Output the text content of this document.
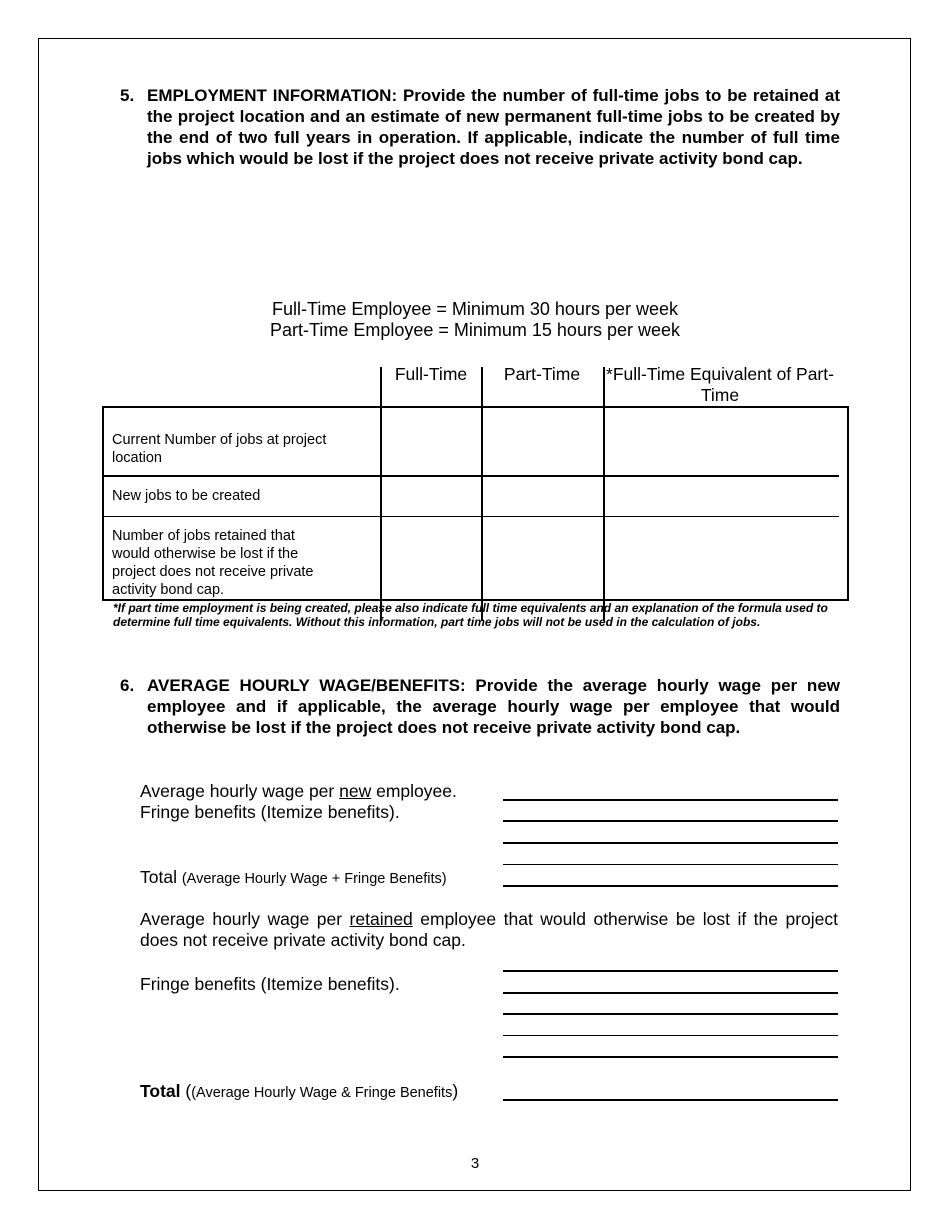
5. EMPLOYMENT INFORMATION: Provide the number of full-time jobs to be retained at the project location and an estimate of new permanent full-time jobs to be created by the end of two full years in operation. If applicable, indicate the number of full time jobs which would be lost if the project does not receive private activity bond cap.
Full-Time Employee = Minimum 30 hours per week
Part-Time Employee = Minimum 15 hours per week
Full-Time	Part-Time	*Full-Time Equivalent of Part-Time
Current Number of jobs at project location
New jobs to be created
Number of jobs retained that would otherwise be lost if the project does not receive private activity bond cap.
*If part time employment is being created, please also indicate full time equivalents and an explanation of the formula used to determine full time equivalents. Without this information, part time jobs will not be used in the calculation of jobs.
6. AVERAGE HOURLY WAGE/BENEFITS: Provide the average hourly wage per new employee and if applicable, the average hourly wage per employee that would otherwise be lost if the project does not receive private activity bond cap.
Average hourly wage per new employee.
Fringe benefits (Itemize benefits).
Total (Average Hourly Wage + Fringe Benefits)
Average hourly wage per retained employee that would otherwise be lost if the project does not receive private activity bond cap.
Fringe benefits (Itemize benefits).
Total ((Average Hourly Wage & Fringe Benefits)
3
